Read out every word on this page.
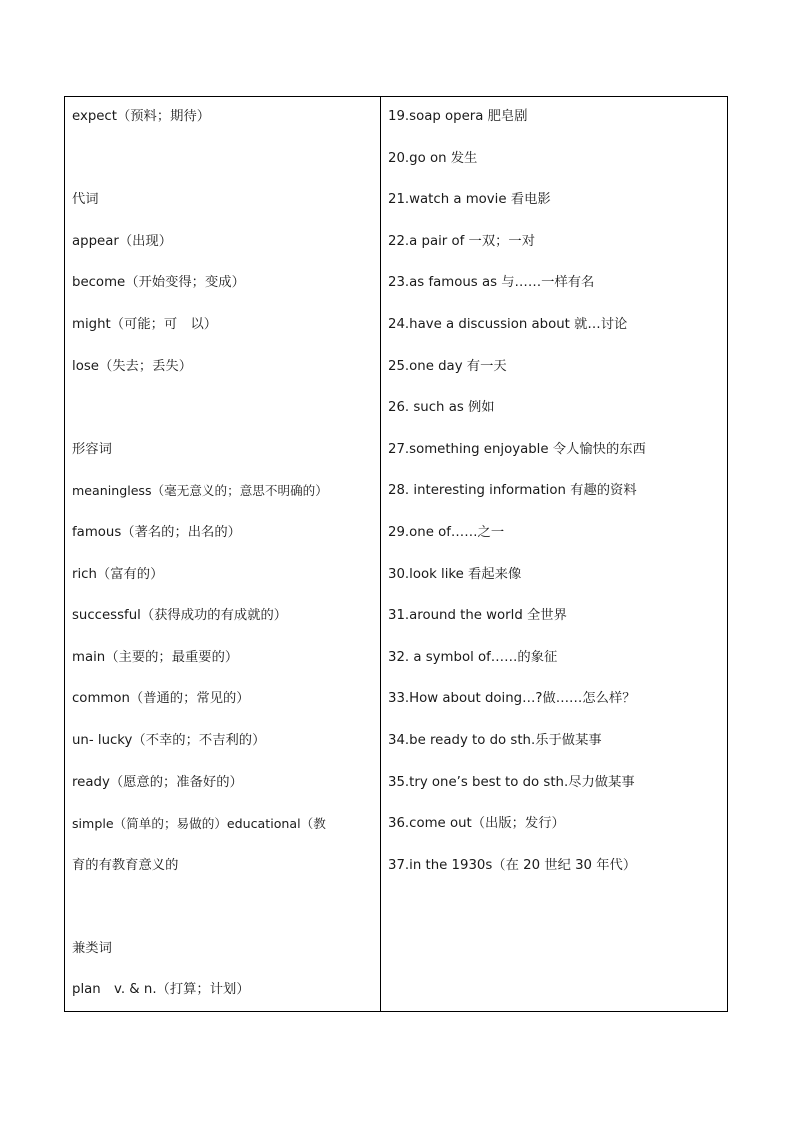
expect（预料；期待）
代词
appear（出现）
become（开始变得；变成）
might（可能；可　以）
lose（失去；丢失）
形容词
meaningless（毫无意义的；意思不明确的）
famous（著名的；出名的）
rich（富有的）
successful（获得成功的有成就的）
main（主要的；最重要的）
common（普通的；常见的）
un- lucky（不幸的；不吉利的）
ready（愿意的；准备好的）
simple（简单的；易做的）educational（教
育的有教育意义的
兼类词
plan　v. & n.（打算；计划）
19.soap opera 肥皂剧
20.go on 发生
21.watch a movie 看电影
22.a pair of 一双；一对
23.as famous as 与……一样有名
24.have a discussion about 就…讨论
25.one day 有一天
26. such as 例如
27.something enjoyable 令人愉快的东西
28. interesting information 有趣的资料
29.one of……之一
30.look like 看起来像
31.around the world 全世界
32. a symbol of……的象征
33.How about doing…?做……怎么样？
34.be ready to do sth.乐于做某事
35.try one’s best to do sth.尽力做某事
36.come out（出版；发行）
37.in the 1930s（在 20 世纪 30 年代）
